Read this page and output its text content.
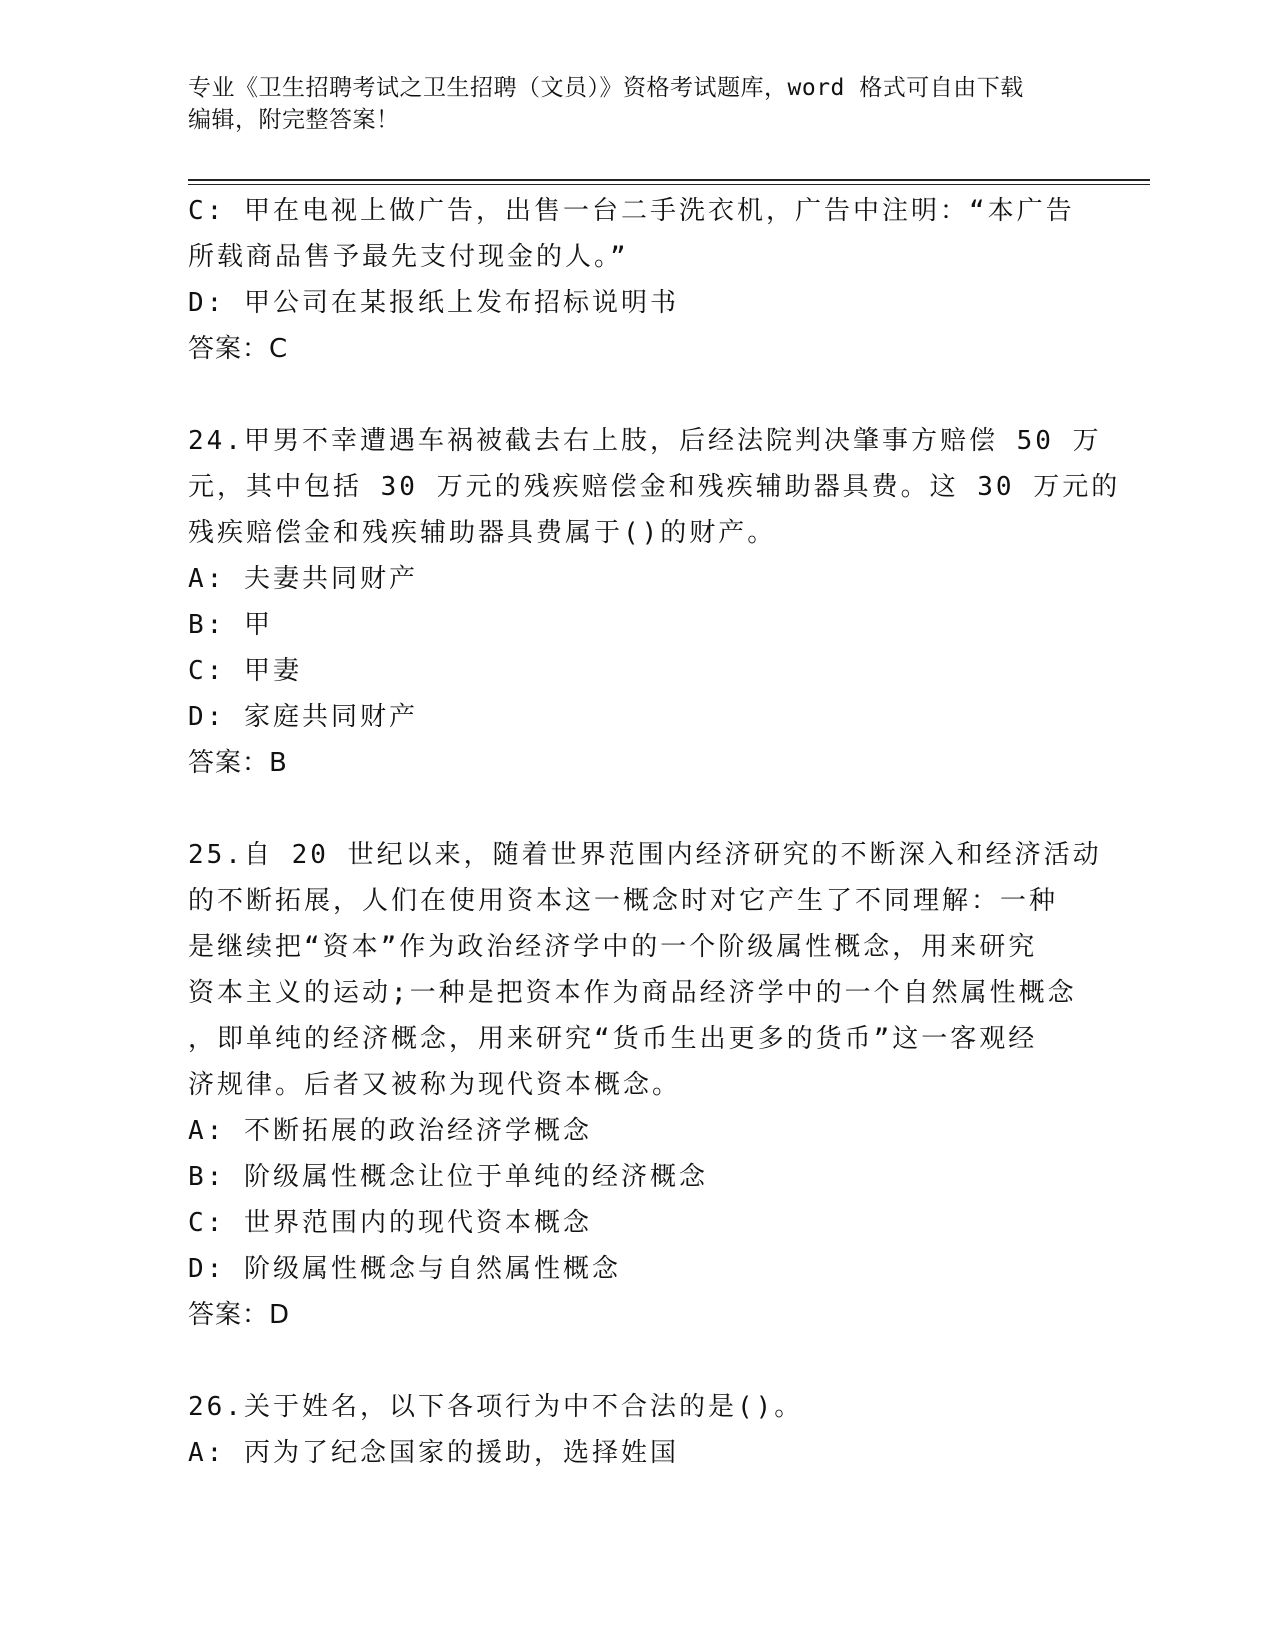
专业《卫生招聘考试之卫生招聘（文员）》资格考试题库，word 格式可自由下载
编辑，附完整答案！
C: 甲在电视上做广告，出售一台二手洗衣机，广告中注明：“本广告
所载商品售予最先支付现金的人。”
D: 甲公司在某报纸上发布招标说明书
答案：C
24.甲男不幸遭遇车祸被截去右上肢，后经法院判决肇事方赔偿 50 万
元，其中包括 30 万元的残疾赔偿金和残疾辅助器具费。这 30 万元的
残疾赔偿金和残疾辅助器具费属于()的财产。
A: 夫妻共同财产
B: 甲
C: 甲妻
D: 家庭共同财产
答案：B
25.自 20 世纪以来，随着世界范围内经济研究的不断深入和经济活动
的不断拓展，人们在使用资本这一概念时对它产生了不同理解：一种
是继续把“资本”作为政治经济学中的一个阶级属性概念，用来研究
资本主义的运动;一种是把资本作为商品经济学中的一个自然属性概念
，即单纯的经济概念，用来研究“货币生出更多的货币”这一客观经
济规律。后者又被称为现代资本概念。
A: 不断拓展的政治经济学概念
B: 阶级属性概念让位于单纯的经济概念
C: 世界范围内的现代资本概念
D: 阶级属性概念与自然属性概念
答案：D
26.关于姓名，以下各项行为中不合法的是()。
A: 丙为了纪念国家的援助，选择姓国
